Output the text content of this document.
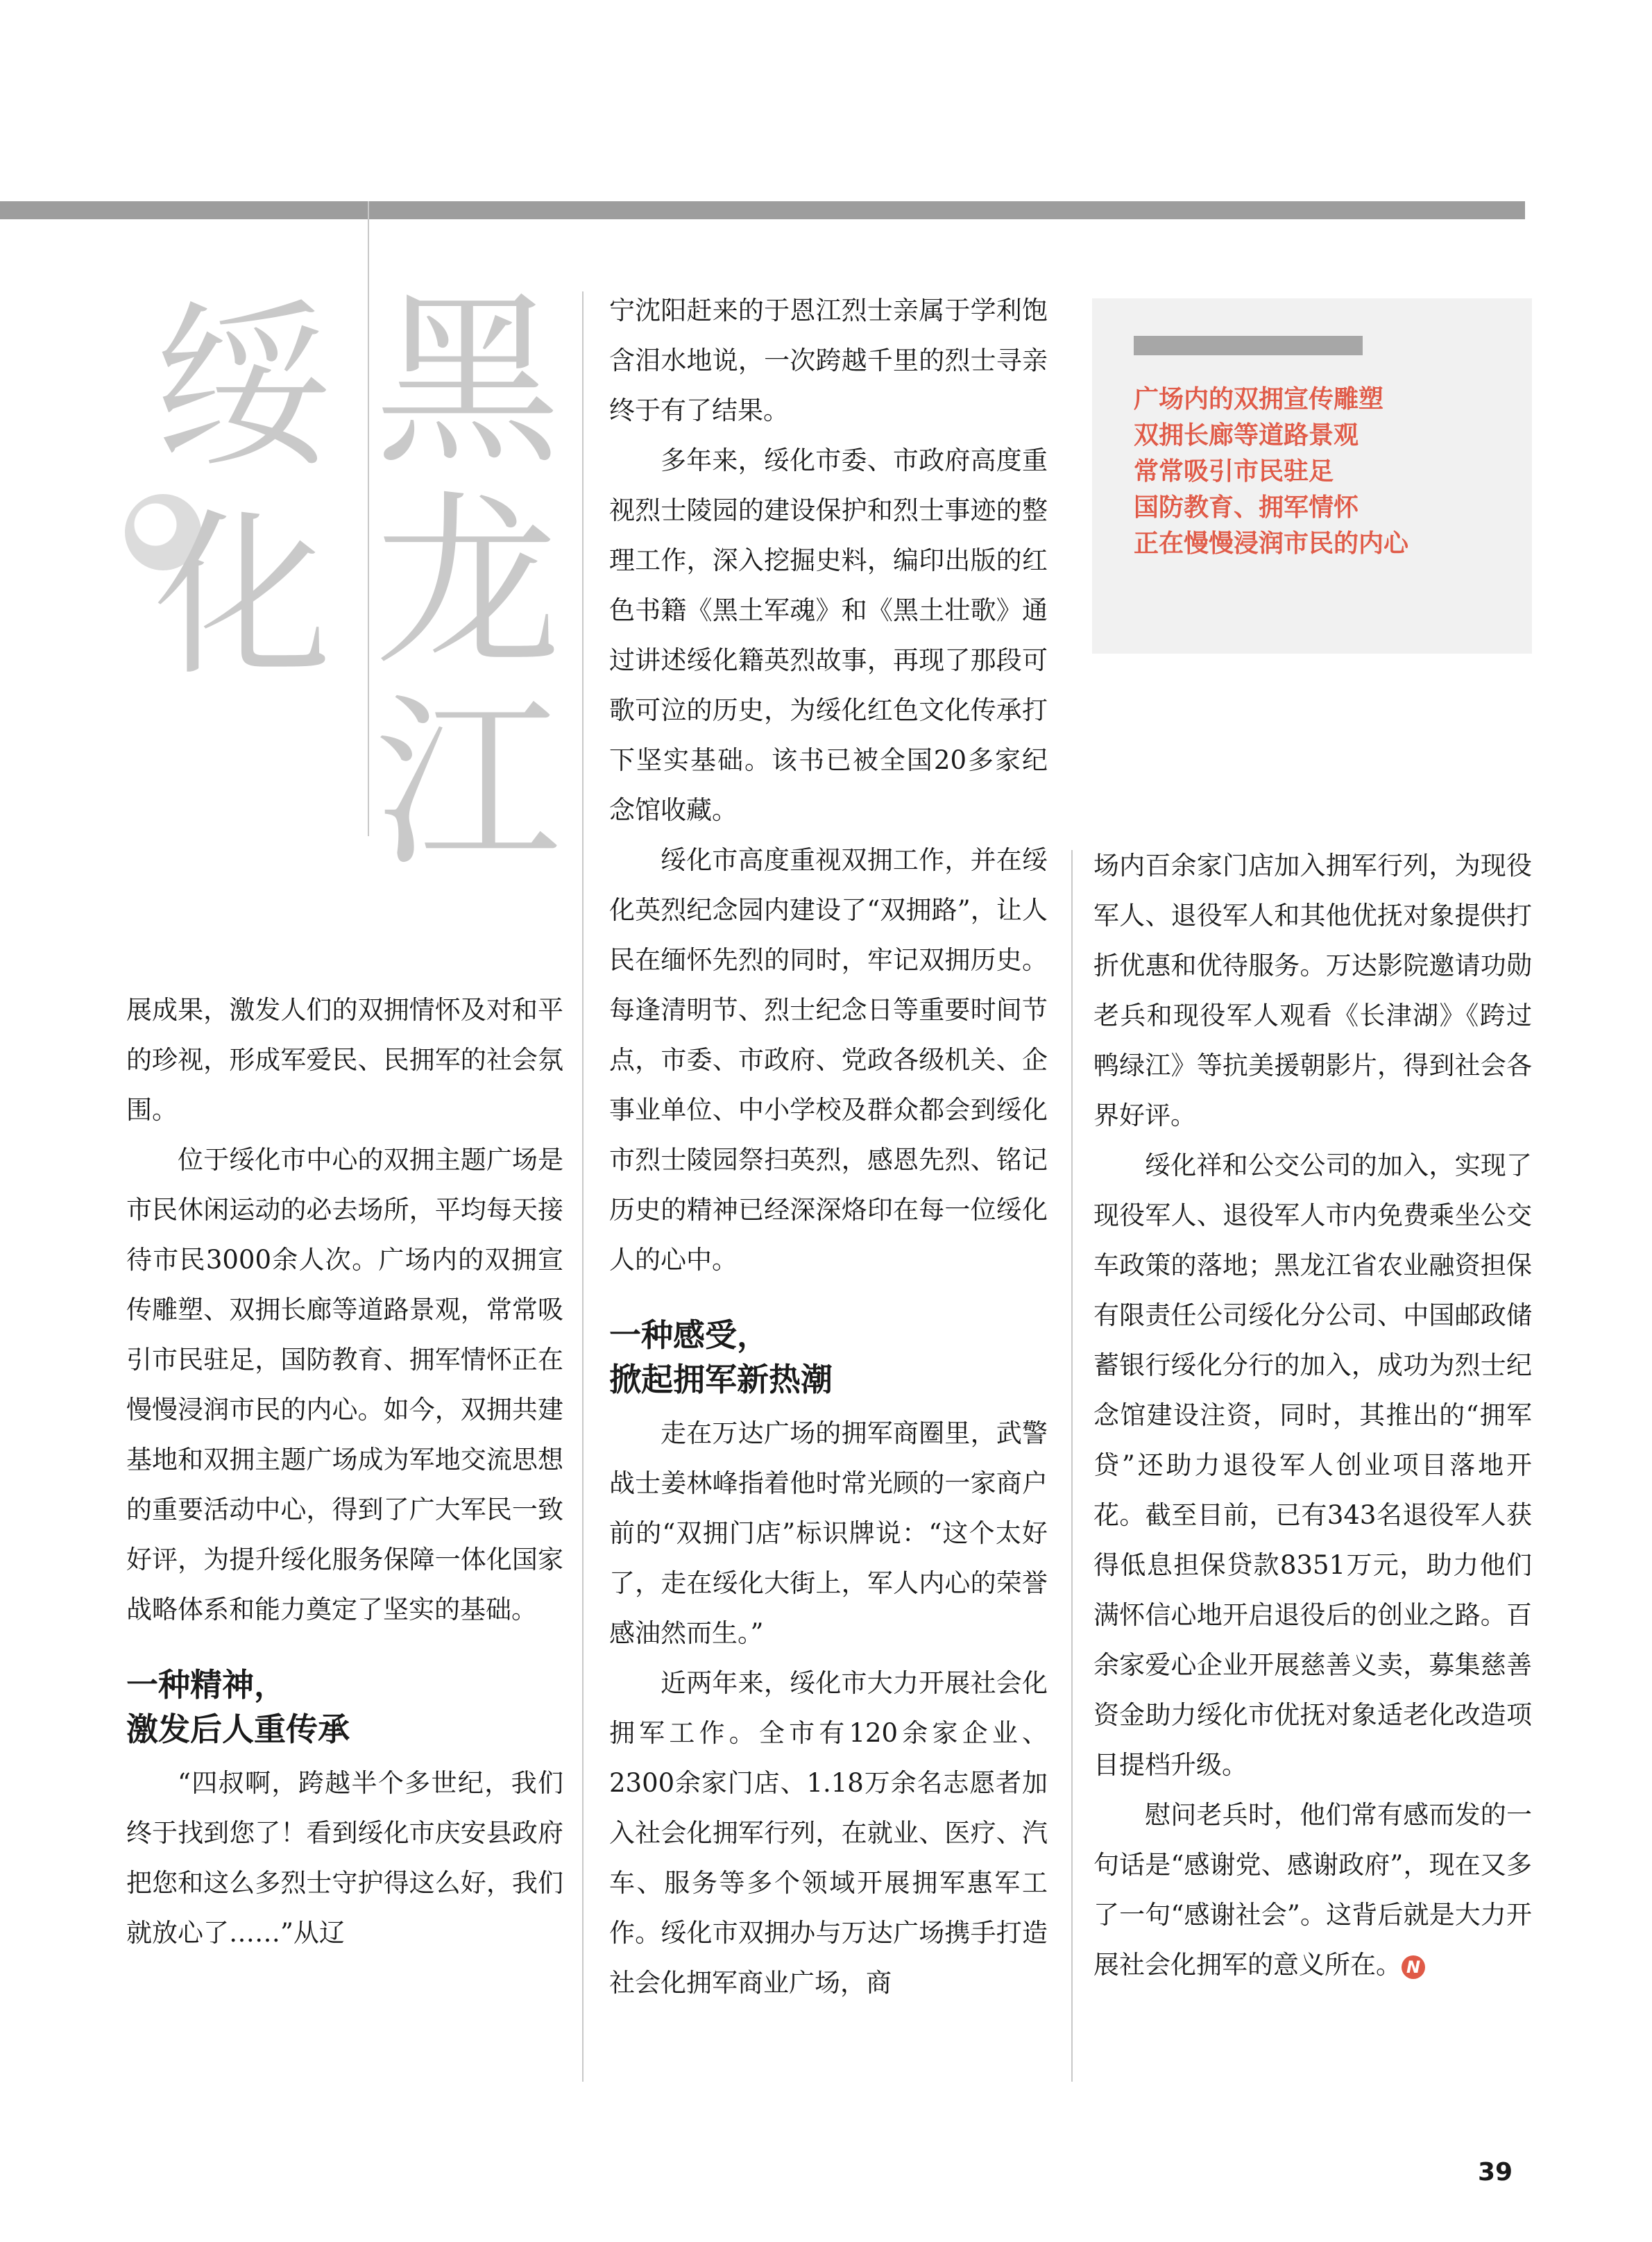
绥
化
黑
龙
江
广场内的双拥宣传雕塑
双拥长廊等道路景观
常常吸引市民驻足
国防教育、拥军情怀
正在慢慢浸润市民的内心

展成果，激发人们的双拥情怀及对和平的珍视，形成军爱民、民拥军的社会氛围。

位于绥化市中心的双拥主题广场是市民休闲运动的必去场所，平均每天接待市民3000余人次。广场内的双拥宣传雕塑、双拥长廊等道路景观，常常吸引市民驻足，国防教育、拥军情怀正在慢慢浸润市民的内心。如今，双拥共建基地和双拥主题广场成为军地交流思想的重要活动中心，得到了广大军民一致好评，为提升绥化服务保障一体化国家战略体系和能力奠定了坚实的基础。

一种精神，
激发后人重传承

“四叔啊，跨越半个多世纪，我们终于找到您了！看到绥化市庆安县政府把您和这么多烈士守护得这么好，我们就放心了……”从辽

宁沈阳赶来的于恩江烈士亲属于学利饱含泪水地说，一次跨越千里的烈士寻亲终于有了结果。

多年来，绥化市委、市政府高度重视烈士陵园的建设保护和烈士事迹的整理工作，深入挖掘史料，编印出版的红色书籍《黑土军魂》和《黑土壮歌》通过讲述绥化籍英烈故事，再现了那段可歌可泣的历史，为绥化红色文化传承打下坚实基础。该书已被全国20多家纪念馆收藏。

绥化市高度重视双拥工作，并在绥化英烈纪念园内建设了“双拥路”，让人民在缅怀先烈的同时，牢记双拥历史。每逢清明节、烈士纪念日等重要时间节点，市委、市政府、党政各级机关、企事业单位、中小学校及群众都会到绥化市烈士陵园祭扫英烈，感恩先烈、铭记历史的精神已经深深烙印在每一位绥化人的心中。

一种感受，
掀起拥军新热潮

走在万达广场的拥军商圈里，武警战士姜林峰指着他时常光顾的一家商户前的“双拥门店”标识牌说：“这个太好了，走在绥化大街上，军人内心的荣誉感油然而生。”

近两年来，绥化市大力开展社会化拥军工作。全市有120余家企业、2300余家门店、1.18万余名志愿者加入社会化拥军行列，在就业、医疗、汽车、服务等多个领域开展拥军惠军工作。绥化市双拥办与万达广场携手打造社会化拥军商业广场，商

场内百余家门店加入拥军行列，为现役军人、退役军人和其他优抚对象提供打折优惠和优待服务。万达影院邀请功勋老兵和现役军人观看《长津湖》《跨过鸭绿江》等抗美援朝影片，得到社会各界好评。

绥化祥和公交公司的加入，实现了现役军人、退役军人市内免费乘坐公交车政策的落地；黑龙江省农业融资担保有限责任公司绥化分公司、中国邮政储蓄银行绥化分行的加入，成功为烈士纪念馆建设注资，同时，其推出的“拥军贷”还助力退役军人创业项目落地开花。截至目前，已有343名退役军人获得低息担保贷款8351万元，助力他们满怀信心地开启退役后的创业之路。百余家爱心企业开展慈善义卖，募集慈善资金助力绥化市优抚对象适老化改造项目提档升级。

慰问老兵时，他们常有感而发的一句话是“感谢党、感谢政府”，现在又多了一句“感谢社会”。这背后就是大力开展社会化拥军的意义所在。 N

39
